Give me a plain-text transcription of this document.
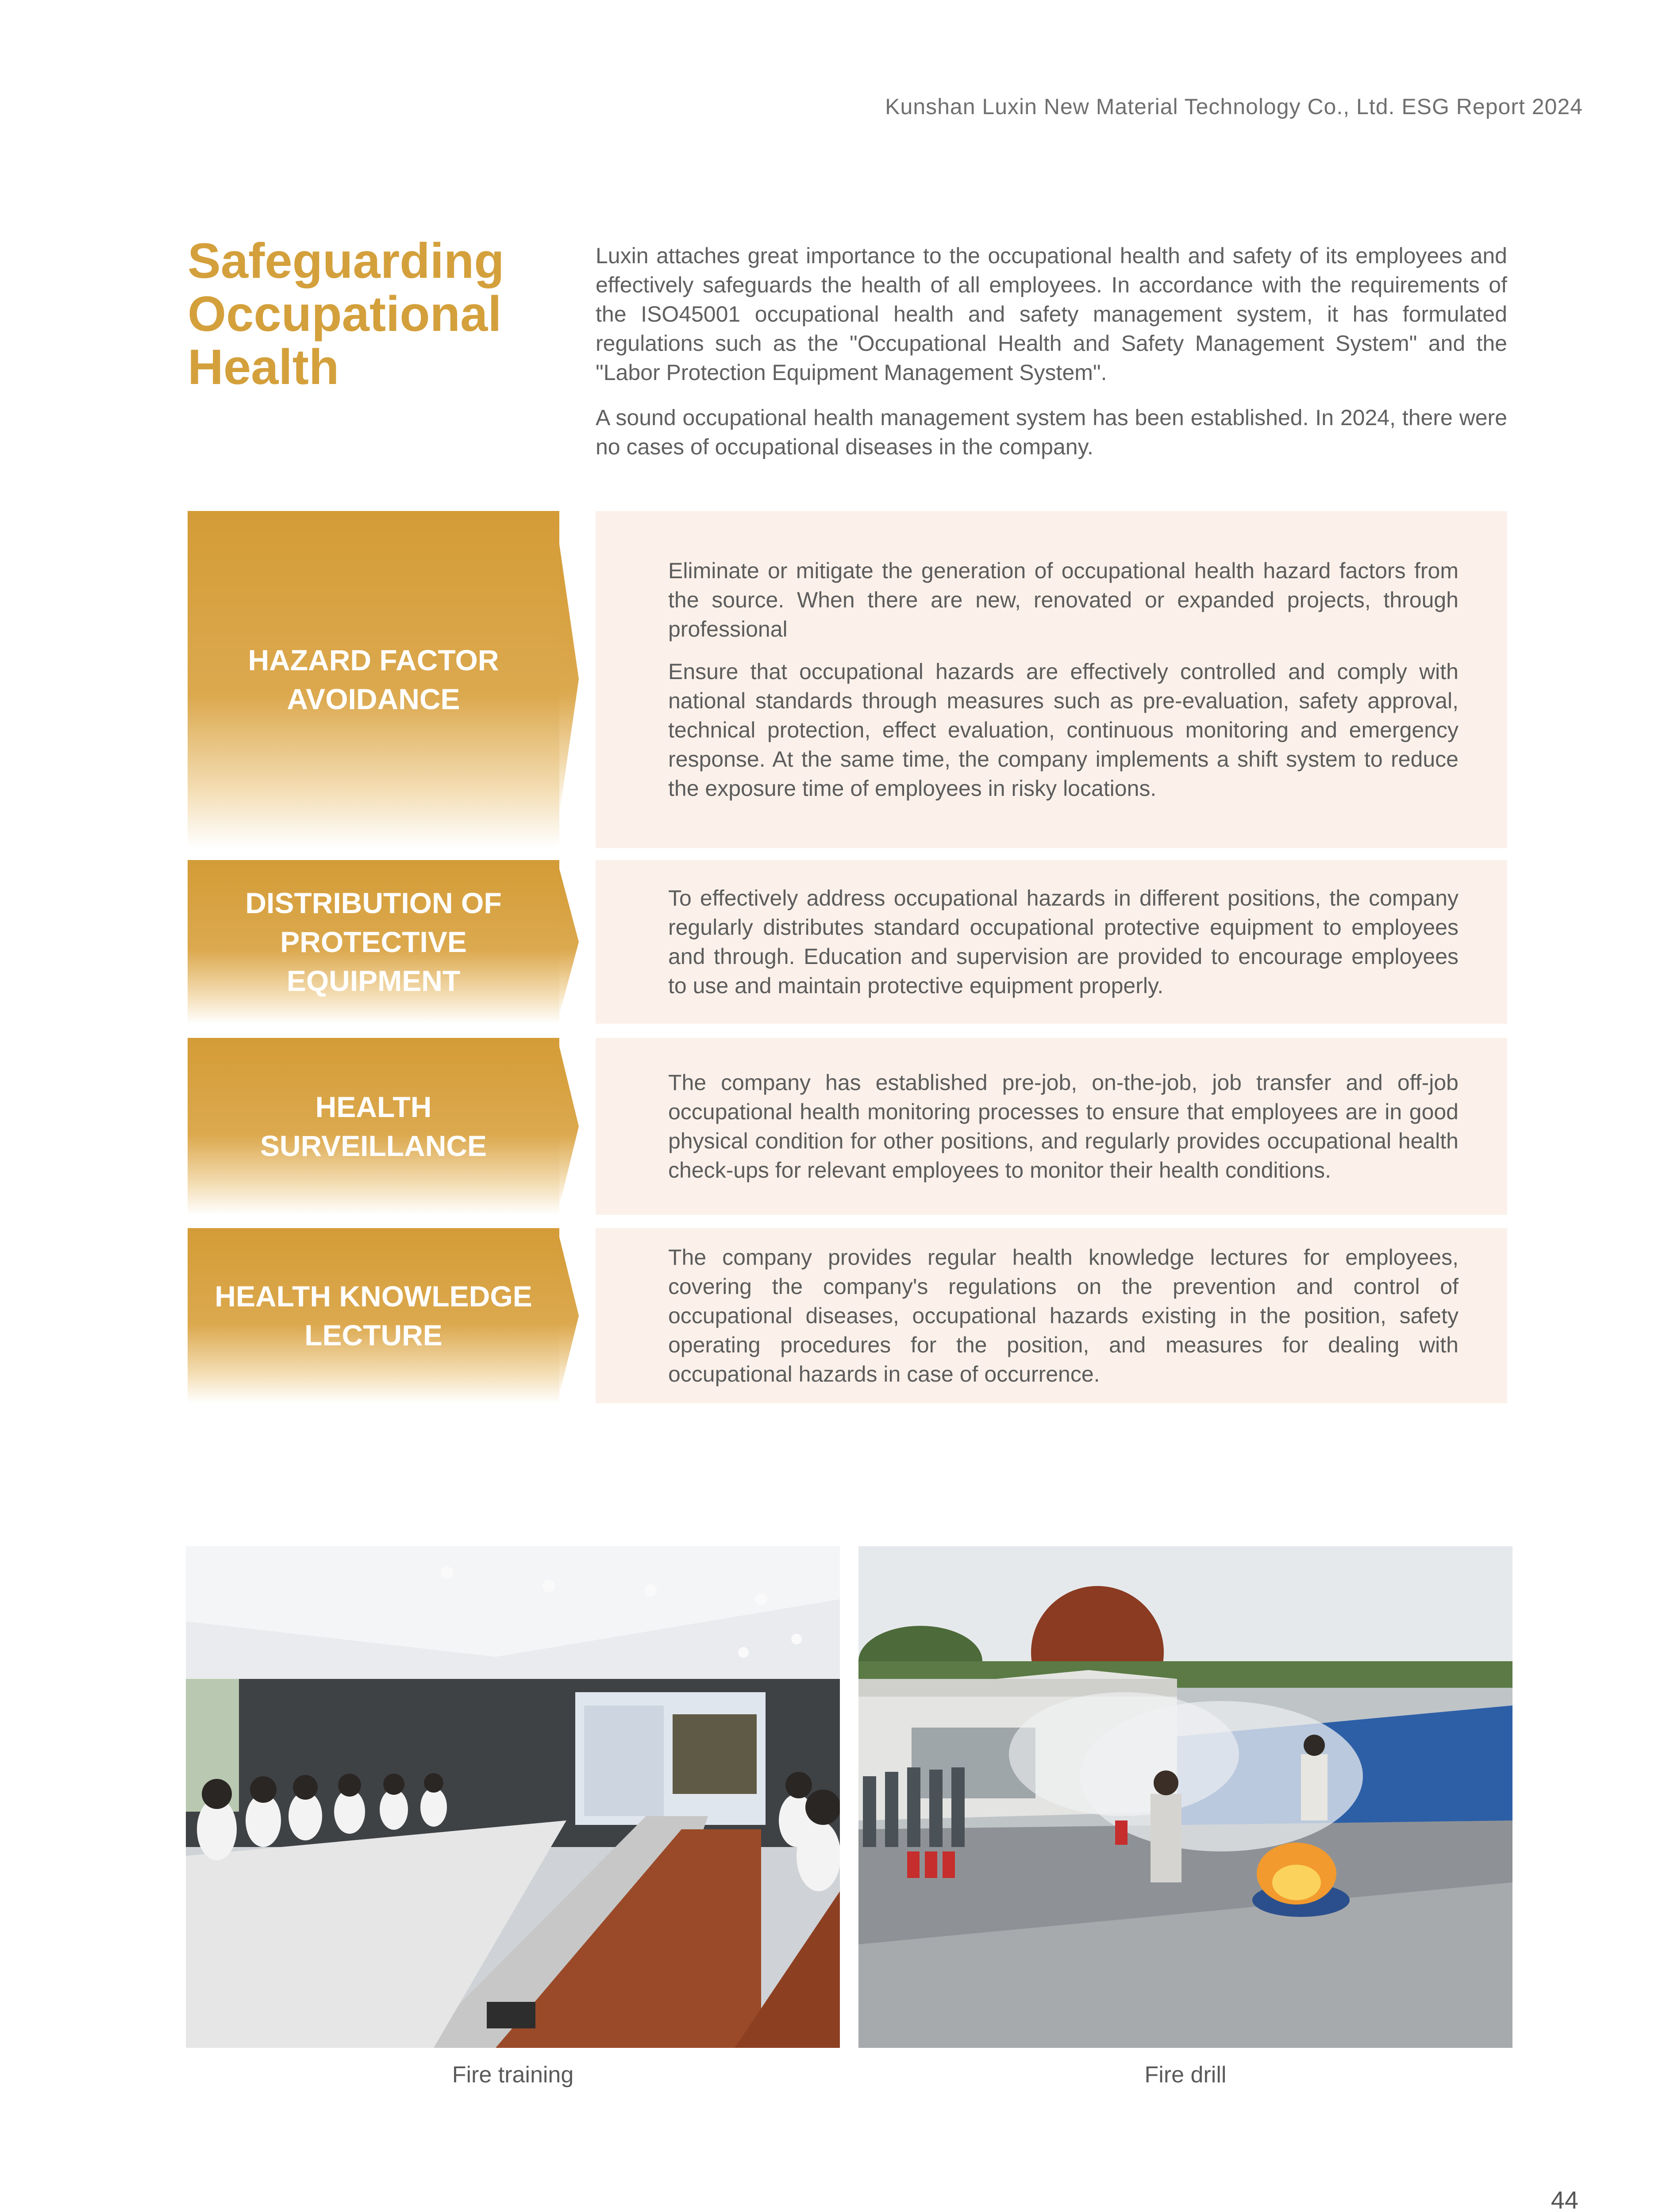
Kunshan Luxin New Material Technology Co., Ltd. ESG Report 2024
Safeguarding Occupational Health

Luxin attaches great importance to the occupational health and safety of its employees and effectively safeguards the health of all employees. In accordance with the requirements of the ISO45001 occupational health and safety management system, it has formulated regulations such as the "Occupational Health and Safety Management System" and the "Labor Protection Equipment Management System".

A sound occupational health management system has been established. In 2024, there were no cases of occupational diseases in the company.

HAZARD FACTOR AVOIDANCE

Eliminate or mitigate the generation of occupational health hazard factors from the source. When there are new, renovated or expanded projects, through professional

Ensure that occupational hazards are effectively controlled and comply with national standards through measures such as pre-evaluation, safety approval, technical protection, effect evaluation, continuous monitoring and emergency response. At the same time, the company implements a shift system to reduce the exposure time of employees in risky locations.

DISTRIBUTION OF PROTECTIVE EQUIPMENT

To effectively address occupational hazards in different positions, the company regularly distributes standard occupational protective equipment to employees and through. Education and supervision are provided to encourage employees to use and maintain protective equipment properly.

HEALTH SURVEILLANCE

The company has established pre-job, on-the-job, job transfer and off-job occupational health monitoring processes to ensure that employees are in good physical condition for other positions, and regularly provides occupational health check-ups for relevant employees to monitor their health conditions.

HEALTH KNOWLEDGE LECTURE

The company provides regular health knowledge lectures for employees, covering the company's regulations on the prevention and control of occupational diseases, occupational hazards existing in the position, safety operating procedures for the position, and measures for dealing with occupational hazards in case of occurrence.

Fire training	Fire drill
44
